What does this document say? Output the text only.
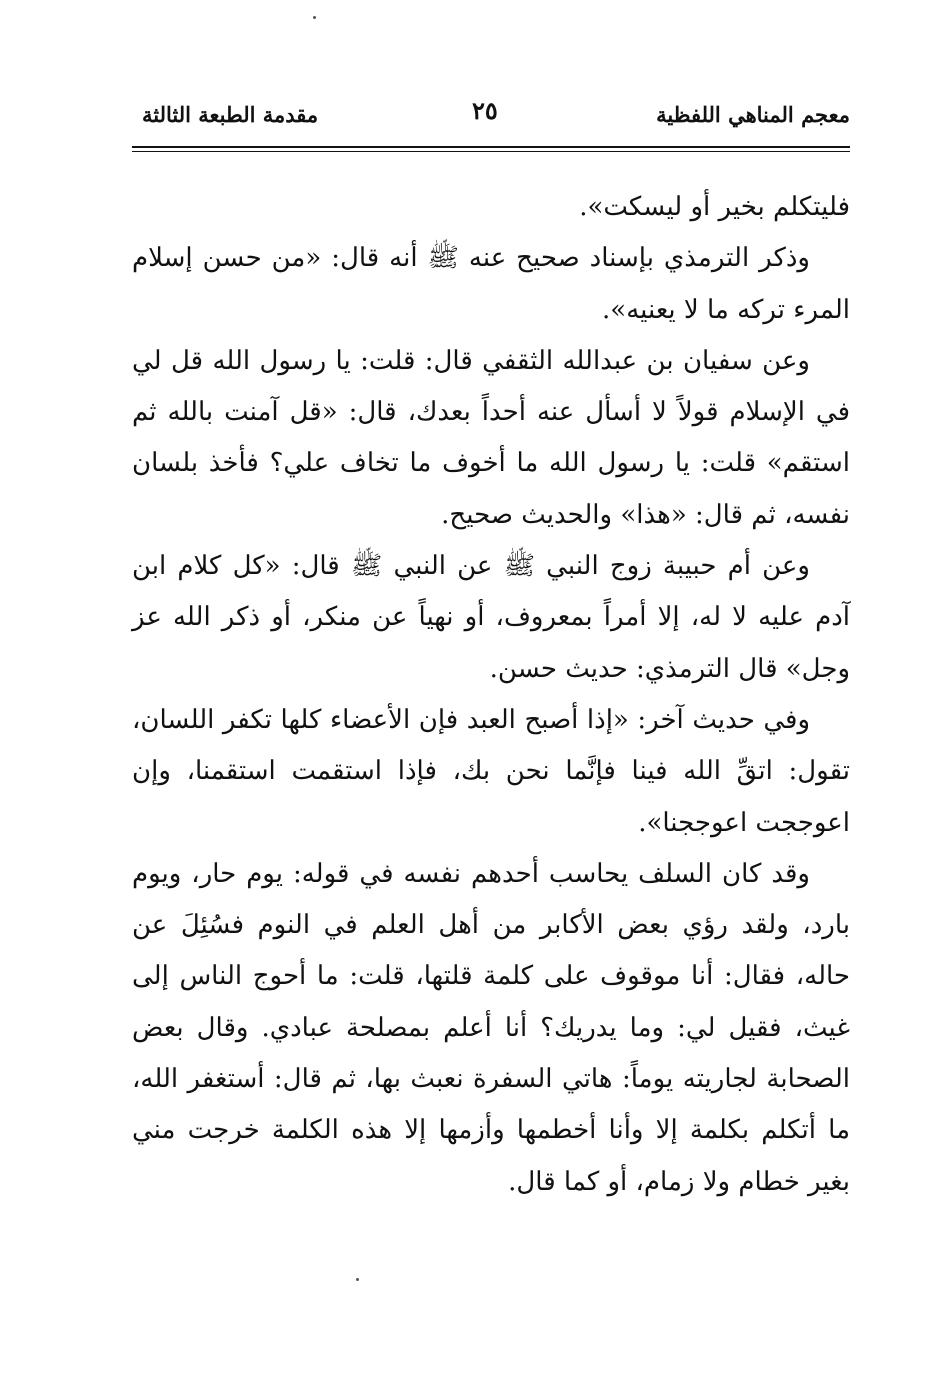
معجم المناهي اللفظية
٢٥
مقدمة الطبعة الثالثة

فليتكلم بخير أو ليسكت».

وذكر الترمذي بإسناد صحيح عنه ﷺ أنه قال: «من حسن إسلام المرء تركه ما لا يعنيه».

وعن سفيان بن عبدالله الثقفي قال: قلت: يا رسول الله قل لي في الإسلام قولاً لا أسأل عنه أحداً بعدك، قال: «قل آمنت بالله ثم استقم» قلت: يا رسول الله ما أخوف ما تخاف علي؟ فأخذ بلسان نفسه، ثم قال: «هذا» والحديث صحيح.

وعن أم حبيبة زوج النبي ﷺ عن النبي ﷺ قال: «كل كلام ابن آدم عليه لا له، إلا أمراً بمعروف، أو نهياً عن منكر، أو ذكر الله عز وجل» قال الترمذي: حديث حسن.

وفي حديث آخر: «إذا أصبح العبد فإن الأعضاء كلها تكفر اللسان، تقول: اتقِّ الله فينا فإنَّما نحن بك، فإذا استقمت استقمنا، وإن اعوججت اعوججنا».

وقد كان السلف يحاسب أحدهم نفسه في قوله: يوم حار، ويوم بارد، ولقد رؤي بعض الأكابر من أهل العلم في النوم فسُئِلَ عن حاله، فقال: أنا موقوف على كلمة قلتها، قلت: ما أحوج الناس إلى غيث، فقيل لي: وما يدريك؟ أنا أعلم بمصلحة عبادي. وقال بعض الصحابة لجاريته يوماً: هاتي السفرة نعبث بها، ثم قال: أستغفر الله، ما أتكلم بكلمة إلا وأنا أخطمها وأزمها إلا هذه الكلمة خرجت مني بغير خطام ولا زمام، أو كما قال.
